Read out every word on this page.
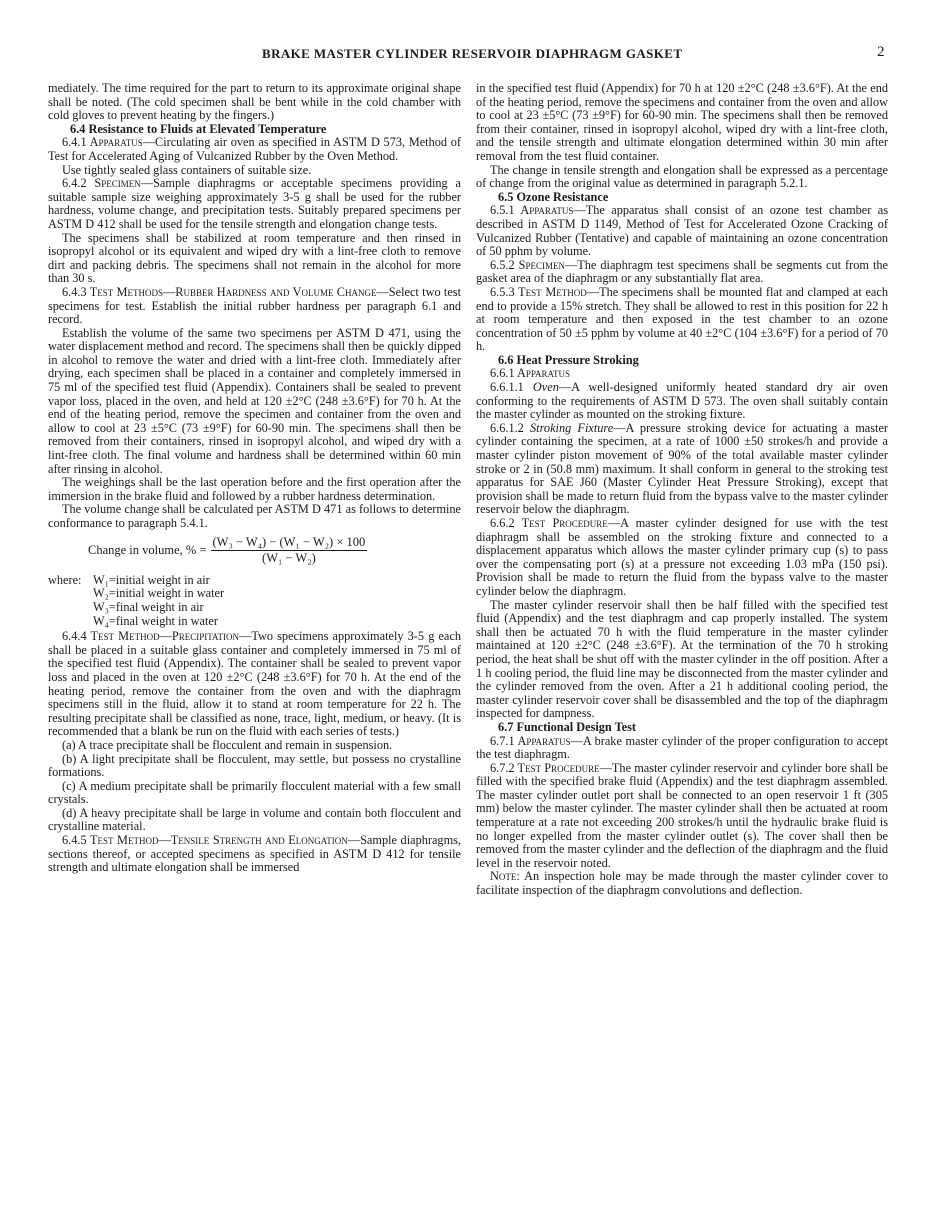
BRAKE MASTER CYLINDER RESERVOIR DIAPHRAGM GASKET	2

mediately. The time required for the part to return to its approximate original shape shall be noted. (The cold specimen shall be bent while in the cold chamber with cold gloves to prevent heating by the fingers.)

6.4 Resistance to Fluids at Elevated Temperature

6.4.1 Apparatus—Circulating air oven as specified in ASTM D 573, Method of Test for Accelerated Aging of Vulcanized Rubber by the Oven Method.

Use tightly sealed glass containers of suitable size.

6.4.2 Specimen—Sample diaphragms or acceptable specimens providing a suitable sample size weighing approximately 3-5 g shall be used for the rubber hardness, volume change, and precipitation tests. Suitably prepared specimens per ASTM D 412 shall be used for the tensile strength and elongation change tests.

The specimens shall be stabilized at room temperature and then rinsed in isopropyl alcohol or its equivalent and wiped dry with a lint-free cloth to remove dirt and packing debris. The specimens shall not remain in the alcohol for more than 30 s.

6.4.3 Test Methods—Rubber Hardness and Volume Change—Select two test specimens for test. Establish the initial rubber hardness per paragraph 6.1 and record.

Establish the volume of the same two specimens per ASTM D 471, using the water displacement method and record. The specimens shall then be quickly dipped in alcohol to remove the water and dried with a lint-free cloth. Immediately after drying, each specimen shall be placed in a container and completely immersed in 75 ml of the specified test fluid (Appendix). Containers shall be sealed to prevent vapor loss, placed in the oven, and held at 120 ±2°C (248 ±3.6°F) for 70 h. At the end of the heating period, remove the specimen and container from the oven and allow to cool at 23 ±5°C (73 ±9°F) for 60-90 min. The specimens shall then be removed from their containers, rinsed in isopropyl alcohol, and wiped dry with a lint-free cloth. The final volume and hardness shall be determined within 60 min after rinsing in alcohol.

The weighings shall be the last operation before and the first operation after the immersion in the brake fluid and followed by a rubber hardness determination.

The volume change shall be calculated per ASTM D 471 as follows to determine conformance to paragraph 5.4.1.

Change in volume, % = $\frac{\text{(W₃ − W₄) − (W₁ − W₂) × 100}}{\text{(W₁ − W₂)}}$
where: W₁=initial weight in air
W₂=initial weight in water
W₃=final weight in air
W₄=final weight in water

6.4.4 Test Method—Precipitation—Two specimens approximately 3-5 g each shall be placed in a suitable glass container and completely immersed in 75 ml of the specified test fluid (Appendix). The container shall be sealed to prevent vapor loss and placed in the oven at 120 ±2°C (248 ±3.6°F) for 70 h. At the end of the heating period, remove the container from the oven and with the diaphragm specimens still in the fluid, allow it to stand at room temperature for 22 h. The resulting precipitate shall be classified as none, trace, light, medium, or heavy. (It is recommended that a blank be run on the fluid with each series of tests.)

(a) A trace precipitate shall be flocculent and remain in suspension.

(b) A light precipitate shall be flocculent, may settle, but possess no crystalline formations.

(c) A medium precipitate shall be primarily flocculent material with a few small crystals.

(d) A heavy precipitate shall be large in volume and contain both flocculent and crystalline material.

6.4.5 Test Method—Tensile Strength and Elongation—Sample diaphragms, sections thereof, or accepted specimens as specified in ASTM D 412 for tensile strength and ultimate elongation shall be immersed

in the specified test fluid (Appendix) for 70 h at 120 ±2°C (248 ±3.6°F). At the end of the heating period, remove the specimens and container from the oven and allow to cool at 23 ±5°C (73 ±9°F) for 60-90 min. The specimens shall then be removed from their container, rinsed in isopropyl alcohol, wiped dry with a lint-free cloth, and the tensile strength and ultimate elongation determined within 30 min after removal from the test fluid container.

The change in tensile strength and elongation shall be expressed as a percentage of change from the original value as determined in paragraph 5.2.1.

6.5 Ozone Resistance

6.5.1 Apparatus—The apparatus shall consist of an ozone test chamber as described in ASTM D 1149, Method of Test for Accelerated Ozone Cracking of Vulcanized Rubber (Tentative) and capable of maintaining an ozone concentration of 50 pphm by volume.

6.5.2 Specimen—The diaphragm test specimens shall be segments cut from the gasket area of the diaphragm or any substantially flat area.

6.5.3 Test Method—The specimens shall be mounted flat and clamped at each end to provide a 15% stretch. They shall be allowed to rest in this position for 22 h at room temperature and then exposed in the test chamber to an ozone concentration of 50 ±5 pphm by volume at 40 ±2°C (104 ±3.6°F) for a period of 70 h.

6.6 Heat Pressure Stroking

6.6.1 Apparatus

6.6.1.1 Oven—A well-designed uniformly heated standard dry air oven conforming to the requirements of ASTM D 573. The oven shall suitably contain the master cylinder as mounted on the stroking fixture.

6.6.1.2 Stroking Fixture—A pressure stroking device for actuating a master cylinder containing the specimen, at a rate of 1000 ±50 strokes/h and provide a master cylinder piston movement of 90% of the total available master cylinder stroke or 2 in (50.8 mm) maximum. It shall conform in general to the stroking test apparatus for SAE J60 (Master Cylinder Heat Pressure Stroking), except that provision shall be made to return fluid from the bypass valve to the master cylinder reservoir below the diaphragm.

6.6.2 Test Procedure—A master cylinder designed for use with the test diaphragm shall be assembled on the stroking fixture and connected to a displacement apparatus which allows the master cylinder primary cup (s) to pass over the compensating port (s) at a pressure not exceeding 1.03 mPa (150 psi). Provision shall be made to return the fluid from the bypass valve to the master cylinder below the diaphragm.

The master cylinder reservoir shall then be half filled with the specified test fluid (Appendix) and the test diaphragm and cap properly installed. The system shall then be actuated 70 h with the fluid temperature in the master cylinder maintained at 120 ±2°C (248 ±3.6°F). At the termination of the 70 h stroking period, the heat shall be shut off with the master cylinder in the off position. After a 1 h cooling period, the fluid line may be disconnected from the master cylinder and the cylinder removed from the oven. After a 21 h additional cooling period, the master cylinder reservoir cover shall be disassembled and the top of the diaphragm inspected for dampness.

6.7 Functional Design Test

6.7.1 Apparatus—A brake master cylinder of the proper configuration to accept the test diaphragm.

6.7.2 Test Procedure—The master cylinder reservoir and cylinder bore shall be filled with the specified brake fluid (Appendix) and the test diaphragm assembled. The master cylinder outlet port shall be connected to an open reservoir 1 ft (305 mm) below the master cylinder. The master cylinder shall then be actuated at room temperature at a rate not exceeding 200 strokes/h until the hydraulic brake fluid is no longer expelled from the master cylinder outlet (s). The cover shall then be removed from the master cylinder and the deflection of the diaphragm and the fluid level in the reservoir noted.

Note: An inspection hole may be made through the master cylinder cover to facilitate inspection of the diaphragm convolutions and deflection.
